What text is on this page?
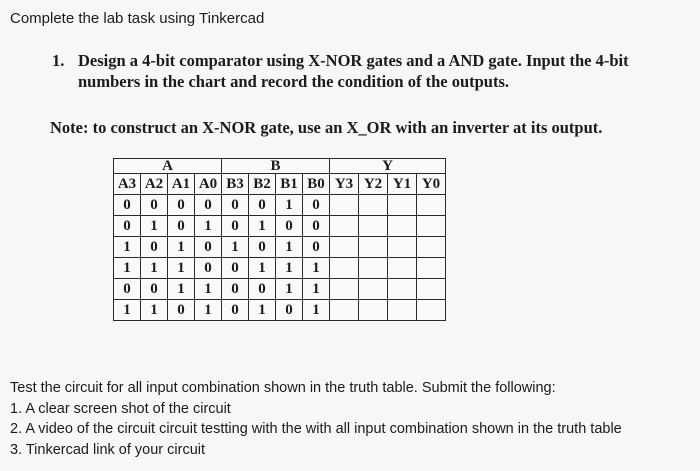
Complete the lab task using Tinkercad
1. Design a 4-bit comparator using X-NOR gates and a AND gate. Input the 4-bit numbers in the chart and record the condition of the outputs.
Note: to construct an X-NOR gate, use an X_OR with an inverter at its output.
A				B				Y			
A3	A2	A1	A0	B3	B2	B1	B0	Y3	Y2	Y1	Y0
0	0	0	0	0	0	1	0				
0	1	0	1	0	1	0	0				
1	0	1	0	1	0	1	0				
1	1	1	0	0	1	1	1				
0	0	1	1	0	0	1	1				
1	1	0	1	0	1	0	1				
Test the circuit for all input combination shown in the truth table. Submit the following:
1. A clear screen shot of the circuit
2. A video of the circuit circuit testting with the with all input combination shown in the truth table
3. Tinkercad link of your circuit
